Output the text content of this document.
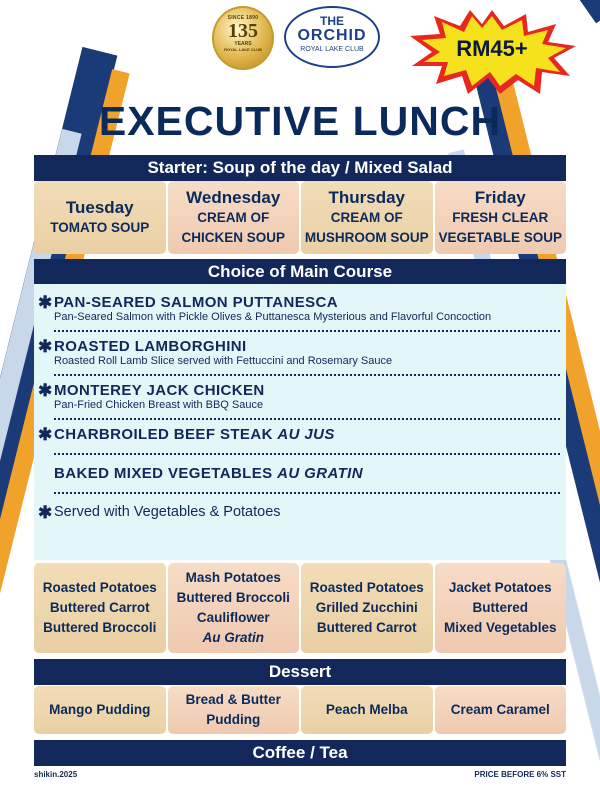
SINCE 1890
135
YEARS
ROYAL LAKE CLUB
THE
ORCHID
ROYAL LAKE CLUB	RM45+
EXECUTIVE LUNCH
Starter: Soup of the day / Mixed Salad
Tuesday
TOMATO SOUP
Wednesday
CREAM OF
CHICKEN SOUP
Thursday
CREAM OF
MUSHROOM SOUP
Friday
FRESH CLEAR
VEGETABLE SOUP
Choice of Main Course
✱ PAN-SEARED SALMON PUTTANESCA
Pan-Seared Salmon with Pickle Olives & Puttanesca Mysterious and Flavorful Concoction
✱ ROASTED LAMBORGHINI
Roasted Roll Lamb Slice served with Fettuccini and Rosemary Sauce
✱ MONTEREY JACK CHICKEN
Pan-Fried Chicken Breast with BBQ Sauce
✱ CHARBROILED BEEF STEAK AU JUS
BAKED MIXED VEGETABLES AU GRATIN
✱ Served with Vegetables & Potatoes
Roasted Potatoes
Buttered Carrot
Buttered Broccoli
Mash Potatoes
Buttered Broccoli
Cauliflower
Au Gratin
Roasted Potatoes
Grilled Zucchini
Buttered Carrot
Jacket Potatoes
Buttered
Mixed Vegetables
Dessert
Mango Pudding
Bread & Butter
Pudding
Peach Melba	Cream Caramel
Coffee / Tea
shikin.2025	PRICE BEFORE 6% SST
